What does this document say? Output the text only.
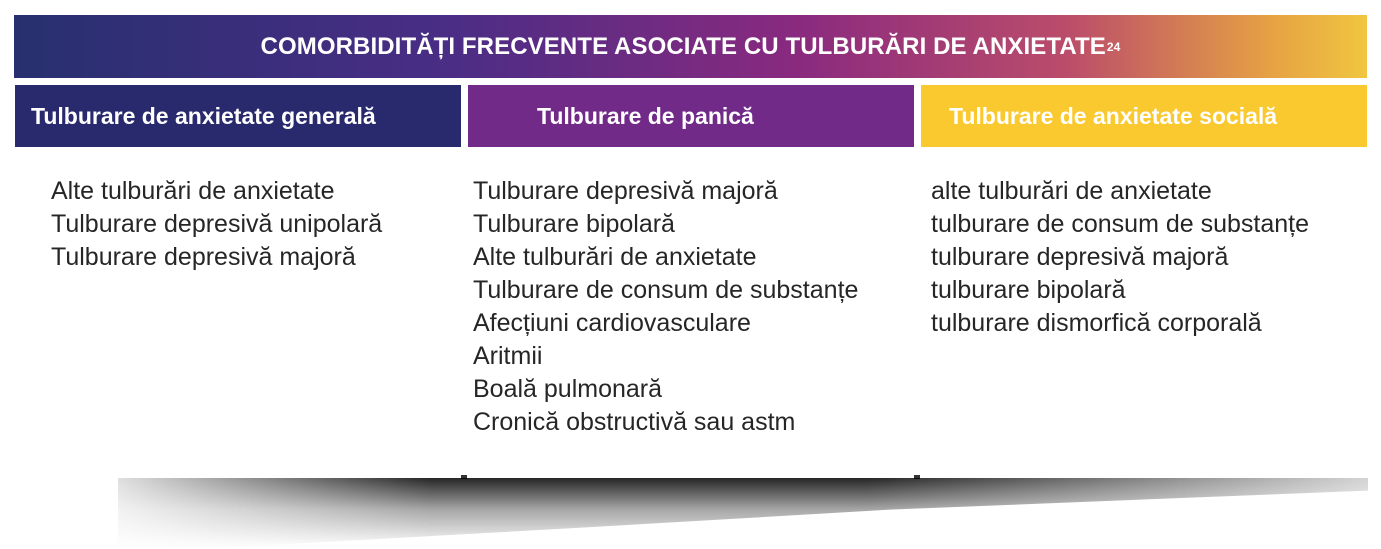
COMORBIDITĂȚI FRECVENTE ASOCIATE CU TULBURĂRI DE ANXIETATE 24
Tulburare de anxietate generală	Tulburare de panică	Tulburare de anxietate socială
Alte tulburări de anxietate
Tulburare depresivă unipolară
Tulburare depresivă majoră
Tulburare depresivă majoră
Tulburare bipolară
Alte tulburări de anxietate
Tulburare de consum de substanțe
Afecțiuni cardiovasculare
Aritmii
Boală pulmonară
Cronică obstructivă sau astm
alte tulburări de anxietate
tulburare de consum de substanțe
tulburare depresivă majoră
tulburare bipolară
tulburare dismorfică corporală
